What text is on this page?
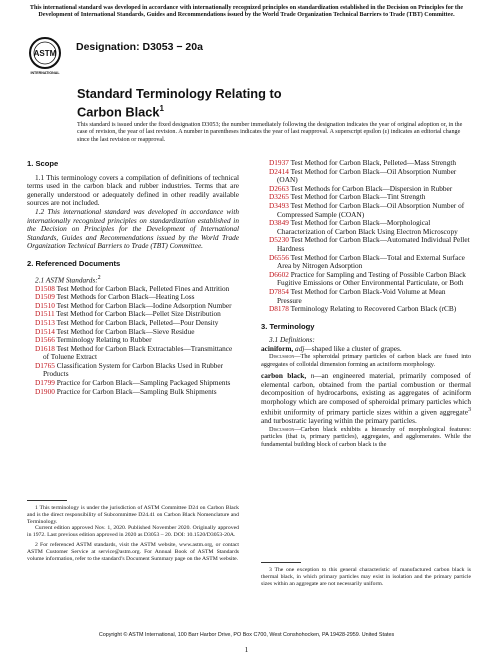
This international standard was developed in accordance with internationally recognized principles on standardization established in the Decision on Principles for the Development of International Standards, Guides and Recommendations issued by the World Trade Organization Technical Barriers to Trade (TBT) Committee.
ASTM
INTERNATIONAL
Designation: D3053 − 20a
Standard Terminology Relating to
Carbon Black$^1$
This standard is issued under the fixed designation D3053; the number immediately following the designation indicates the year of original adoption or, in the case of revision, the year of last revision. A number in parentheses indicates the year of last reapproval. A superscript epsilon (ε) indicates an editorial change since the last revision or reapproval.
1. Scope

1.1 This terminology covers a compilation of definitions of technical terms used in the carbon black and rubber industries. Terms that are generally understood or adequately defined in other readily available sources are not included.

1.2 This international standard was developed in accordance with internationally recognized principles on standardization established in the Decision on Principles for the Development of International Standards, Guides and Recommendations issued by the World Trade Organization Technical Barriers to Trade (TBT) Committee.

2. Referenced Documents

2.1 ASTM Standards:$^2$

D1508 Test Method for Carbon Black, Pelleted Fines and Attrition

D1509 Test Methods for Carbon Black—Heating Loss

D1510 Test Method for Carbon Black—Iodine Adsorption Number

D1511 Test Method for Carbon Black—Pellet Size Distribution

D1513 Test Method for Carbon Black, Pelleted—Pour Density

D1514 Test Method for Carbon Black—Sieve Residue

D1566 Terminology Relating to Rubber

D1618 Test Method for Carbon Black Extractables—Transmittance of Toluene Extract

D1765 Classification System for Carbon Blacks Used in Rubber Products

D1799 Practice for Carbon Black—Sampling Packaged Shipments

D1900 Practice for Carbon Black—Sampling Bulk Shipments

D1937 Test Method for Carbon Black, Pelleted—Mass Strength

D2414 Test Method for Carbon Black—Oil Absorption Number (OAN)

D2663 Test Methods for Carbon Black—Dispersion in Rubber

D3265 Test Method for Carbon Black—Tint Strength

D3493 Test Method for Carbon Black—Oil Absorption Number of Compressed Sample (COAN)

D3849 Test Method for Carbon Black—Morphological Characterization of Carbon Black Using Electron Microscopy

D5230 Test Method for Carbon Black—Automated Individual Pellet Hardness

D6556 Test Method for Carbon Black—Total and External Surface Area by Nitrogen Adsorption

D6602 Practice for Sampling and Testing of Possible Carbon Black Fugitive Emissions or Other Environmental Particulate, or Both

D7854 Test Method for Carbon Black-Void Volume at Mean Pressure

D8178 Terminology Relating to Recovered Carbon Black (rCB)

3. Terminology

3.1 Definitions:

aciniform, adj—shaped like a cluster of grapes.

Discussion—The spheroidal primary particles of carbon black are fused into aggregates of colloidal dimension forming an aciniform morphology.

carbon black, n—an engineered material, primarily composed of elemental carbon, obtained from the partial combustion or thermal decomposition of hydrocarbons, existing as aggregates of aciniform morphology which are composed of spheroidal primary particles which exhibit uniformity of primary particle sizes within a given aggregate$^3$ and turbostratic layering within the primary particles.

Discussion—Carbon black exhibits a hierarchy of morphological features: particles (that is, primary particles), aggregates, and agglomerates. While the fundamental building block of carbon black is the

1 This terminology is under the jurisdiction of ASTM Committee D24 on Carbon Black and is the direct responsibility of Subcommittee D24.41 on Carbon Black Nomenclature and Terminology.

Current edition approved Nov. 1, 2020. Published November 2020. Originally approved in 1972. Last previous edition approved in 2020 as D3053 – 20. DOI: 10.1520/D3053-20A.

2 For referenced ASTM standards, visit the ASTM website, www.astm.org, or contact ASTM Customer Service at service@astm.org. For Annual Book of ASTM Standards volume information, refer to the standard’s Document Summary page on the ASTM website.

3 The one exception to this general characteristic of manufactured carbon black is thermal black, in which primary particles may exist in isolation and the primary particle sizes within an aggregate are not necessarily uniform.

Copyright © ASTM International, 100 Barr Harbor Drive, PO Box C700, West Conshohocken, PA 19428-2959. United States
1
